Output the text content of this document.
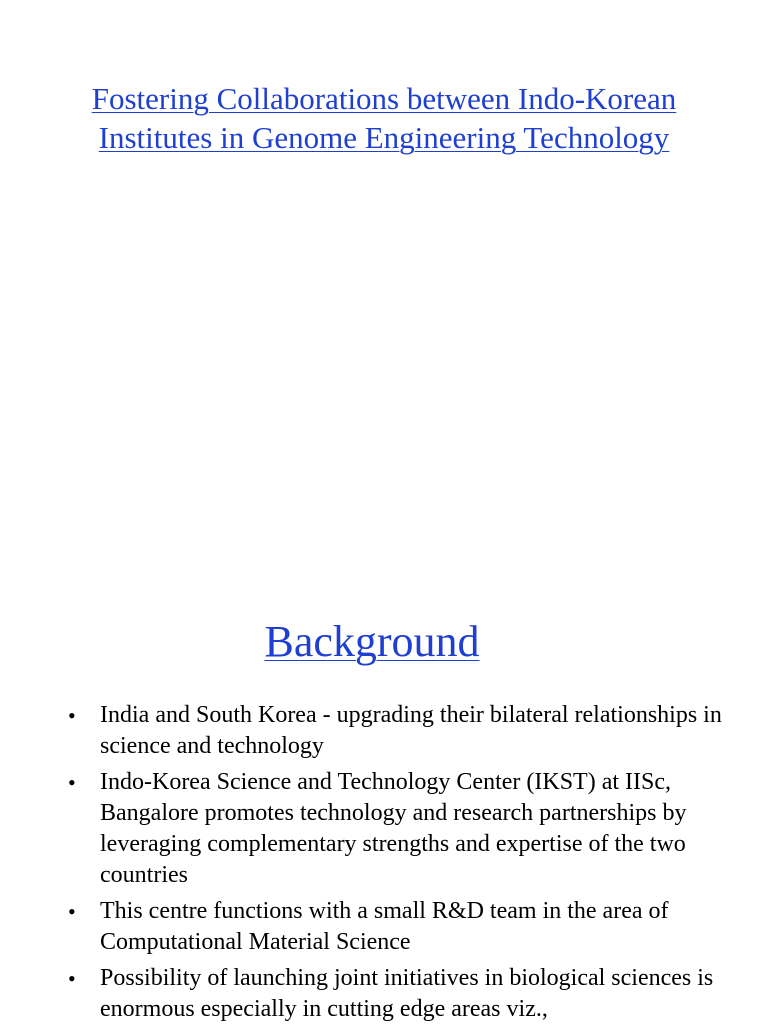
Fostering Collaborations between Indo-Korean
Institutes in Genome Engineering Technology
Background
• India and South Korea - upgrading their bilateral relationships in science and technology
• Indo-Korea Science and Technology Center (IKST) at IISc, Bangalore promotes technology and research partnerships by leveraging complementary strengths and expertise of the two countries
• This centre functions with a small R&D team in the area of Computational Material Science
• Possibility of launching joint initiatives in biological sciences is enormous especially in cutting edge areas viz.,
